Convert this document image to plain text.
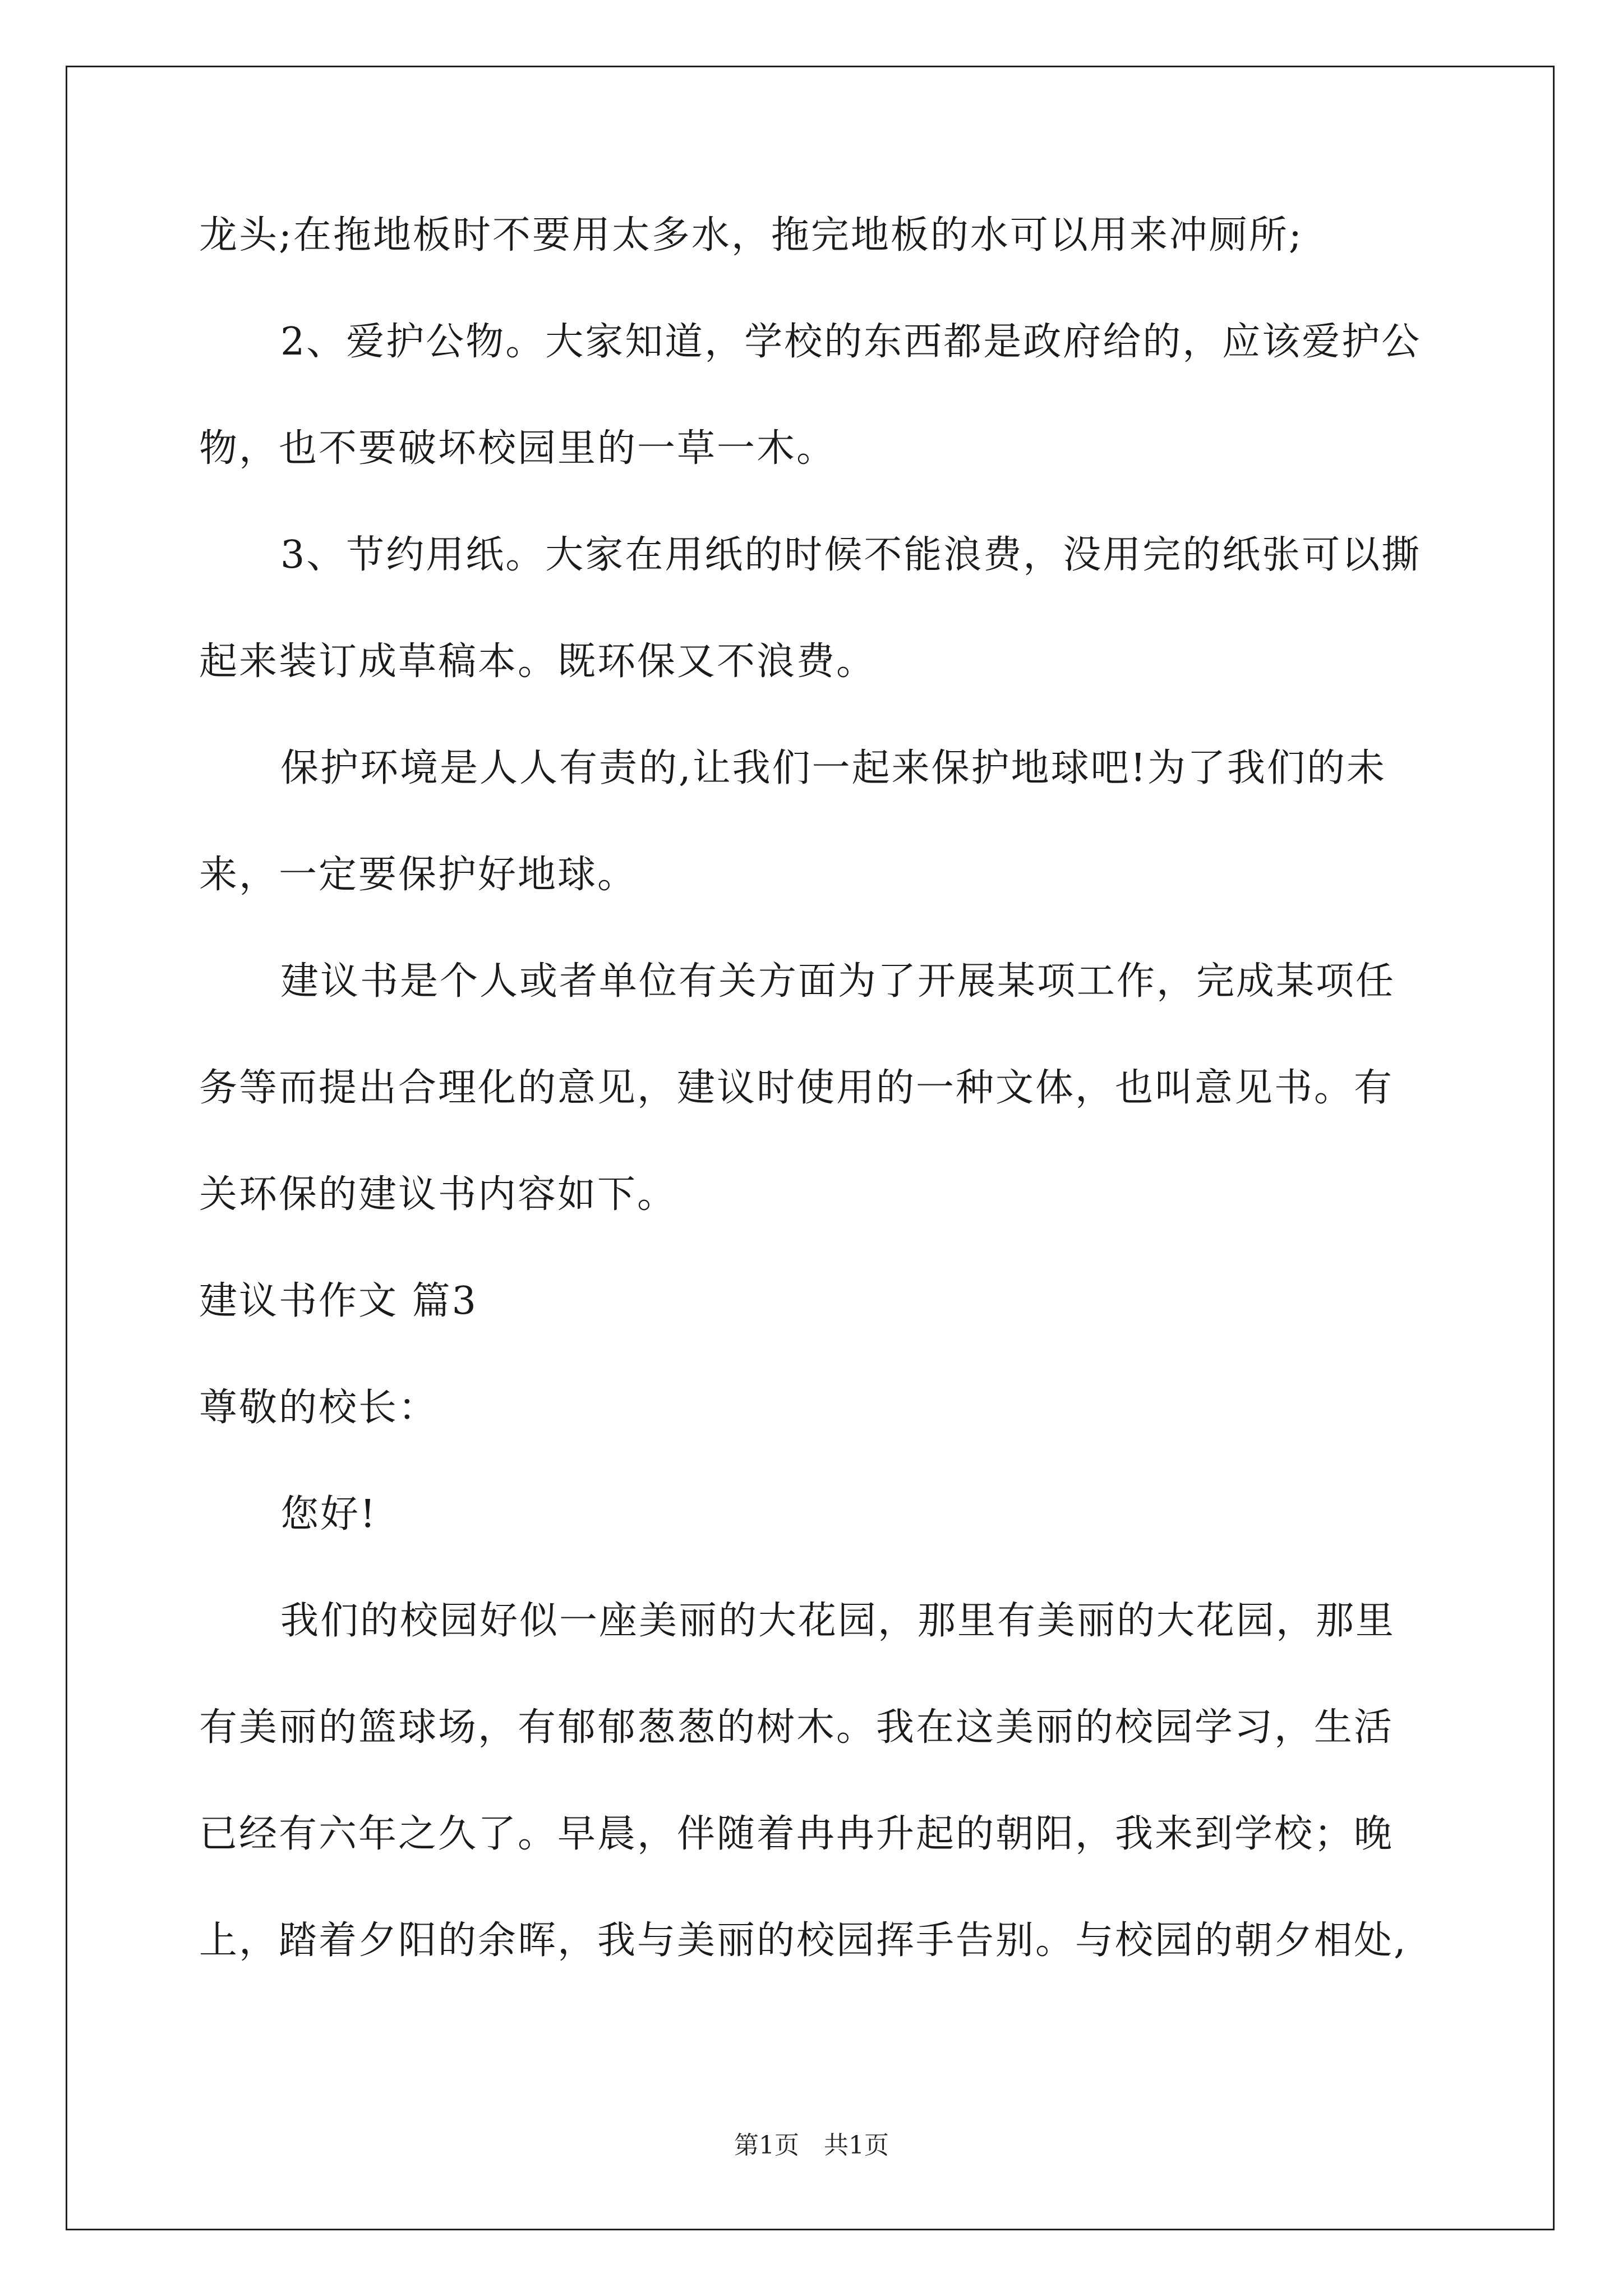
龙头;在拖地板时不要用太多水，拖完地板的水可以用来冲厕所;
2、爱护公物。大家知道，学校的东西都是政府给的，应该爱护公
物，也不要破坏校园里的一草一木。
3、节约用纸。大家在用纸的时候不能浪费，没用完的纸张可以撕
起来装订成草稿本。既环保又不浪费。
保护环境是人人有责的,让我们一起来保护地球吧!为了我们的未
来，一定要保护好地球。
建议书是个人或者单位有关方面为了开展某项工作，完成某项任
务等而提出合理化的意见，建议时使用的一种文体，也叫意见书。有
关环保的建议书内容如下。
建议书作文 篇3
尊敬的校长：
您好!
我们的校园好似一座美丽的大花园，那里有美丽的大花园，那里
有美丽的篮球场，有郁郁葱葱的树木。我在这美丽的校园学习，生活
已经有六年之久了。早晨，伴随着冉冉升起的朝阳，我来到学校；晚
上，踏着夕阳的余晖，我与美丽的校园挥手告别。与校园的朝夕相处,
第1页　共1页
